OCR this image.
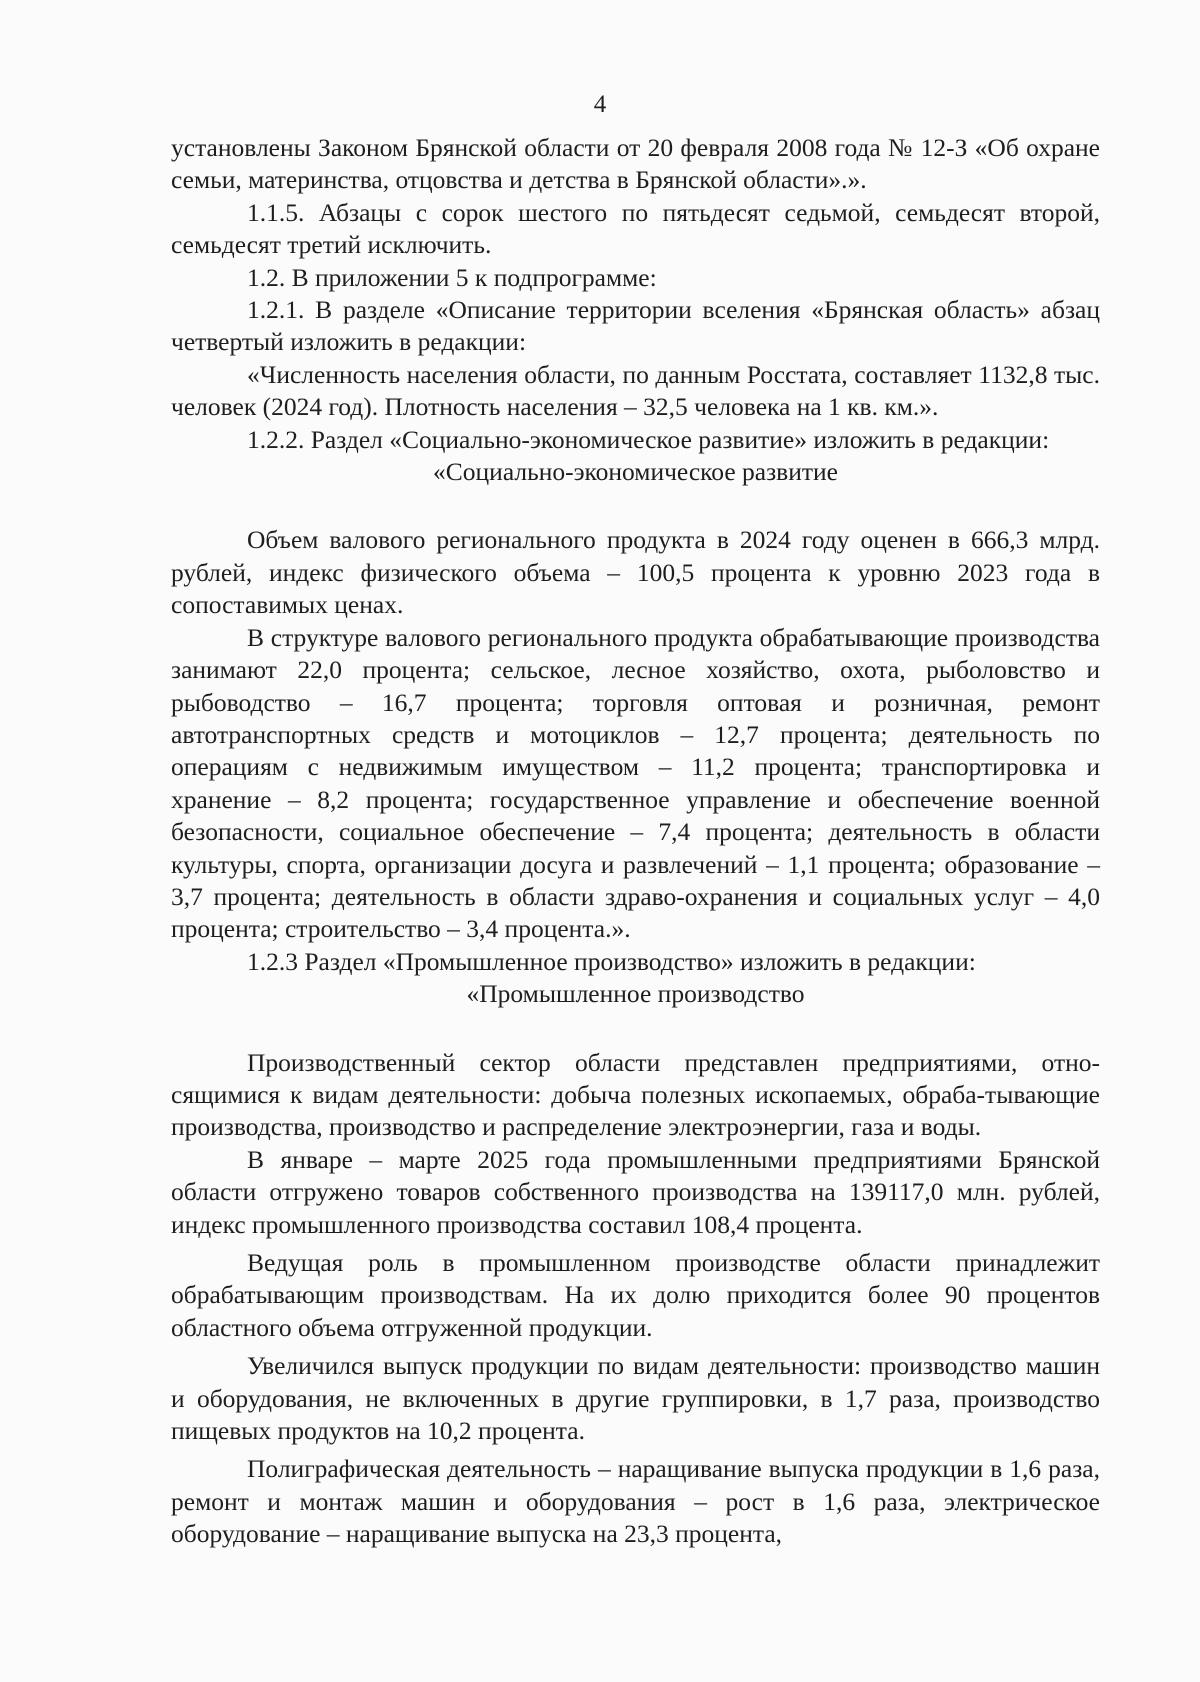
4

установлены Законом Брянской области от 20 февраля 2008 года № 12-З «Об охране семьи, материнства, отцовства и детства в Брянской области».».

1.1.5. Абзацы с сорок шестого по пятьдесят седьмой, семьдесят второй, семьдесят третий исключить.

1.2. В приложении 5 к подпрограмме:

1.2.1. В разделе «Описание территории вселения «Брянская область» абзац четвертый изложить в редакции:

«Численность населения области, по данным Росстата, составляет 1132,8 тыс. человек (2024 год). Плотность населения – 32,5 человека на 1 кв. км.».

1.2.2. Раздел «Социально-экономическое развитие» изложить в редакции:

«Социально-экономическое развитие

Объем валового регионального продукта в 2024 году оценен в 666,3 млрд. рублей, индекс физического объема – 100,5 процента к уровню 2023 года в сопоставимых ценах.

В структуре валового регионального продукта обрабатывающие производства занимают 22,0 процента; сельское, лесное хозяйство, охота, рыболовство и рыбоводство – 16,7 процента; торговля оптовая и розничная, ремонт автотранспортных средств и мотоциклов – 12,7 процента; деятельность по операциям с недвижимым имуществом – 11,2 процента; транспортировка и хранение – 8,2 процента; государственное управление и обеспечение военной безопасности, социальное обеспечение – 7,4 процента; деятельность в области культуры, спорта, организации досуга и развлечений – 1,1 процента; образование – 3,7 процента; деятельность в области здраво-охранения и социальных услуг – 4,0 процента; строительство – 3,4 процента.».

1.2.3 Раздел «Промышленное производство» изложить в редакции:

«Промышленное производство

Производственный сектор области представлен предприятиями, отно-сящимися к видам деятельности: добыча полезных ископаемых, обраба-тывающие производства, производство и распределение электроэнергии, газа и воды.

В январе – марте 2025 года промышленными предприятиями Брянской области отгружено товаров собственного производства на 139117,0 млн. рублей, индекс промышленного производства составил 108,4 процента.

Ведущая роль в промышленном производстве области принадлежит обрабатывающим производствам. На их долю приходится более 90 процентов областного объема отгруженной продукции.

Увеличился выпуск продукции по видам деятельности: производство машин и оборудования, не включенных в другие группировки, в 1,7 раза, производство пищевых продуктов на 10,2 процента.

Полиграфическая деятельность – наращивание выпуска продукции в 1,6 раза, ремонт и монтаж машин и оборудования – рост в 1,6 раза, электрическое оборудование – наращивание выпуска на 23,3 процента,
